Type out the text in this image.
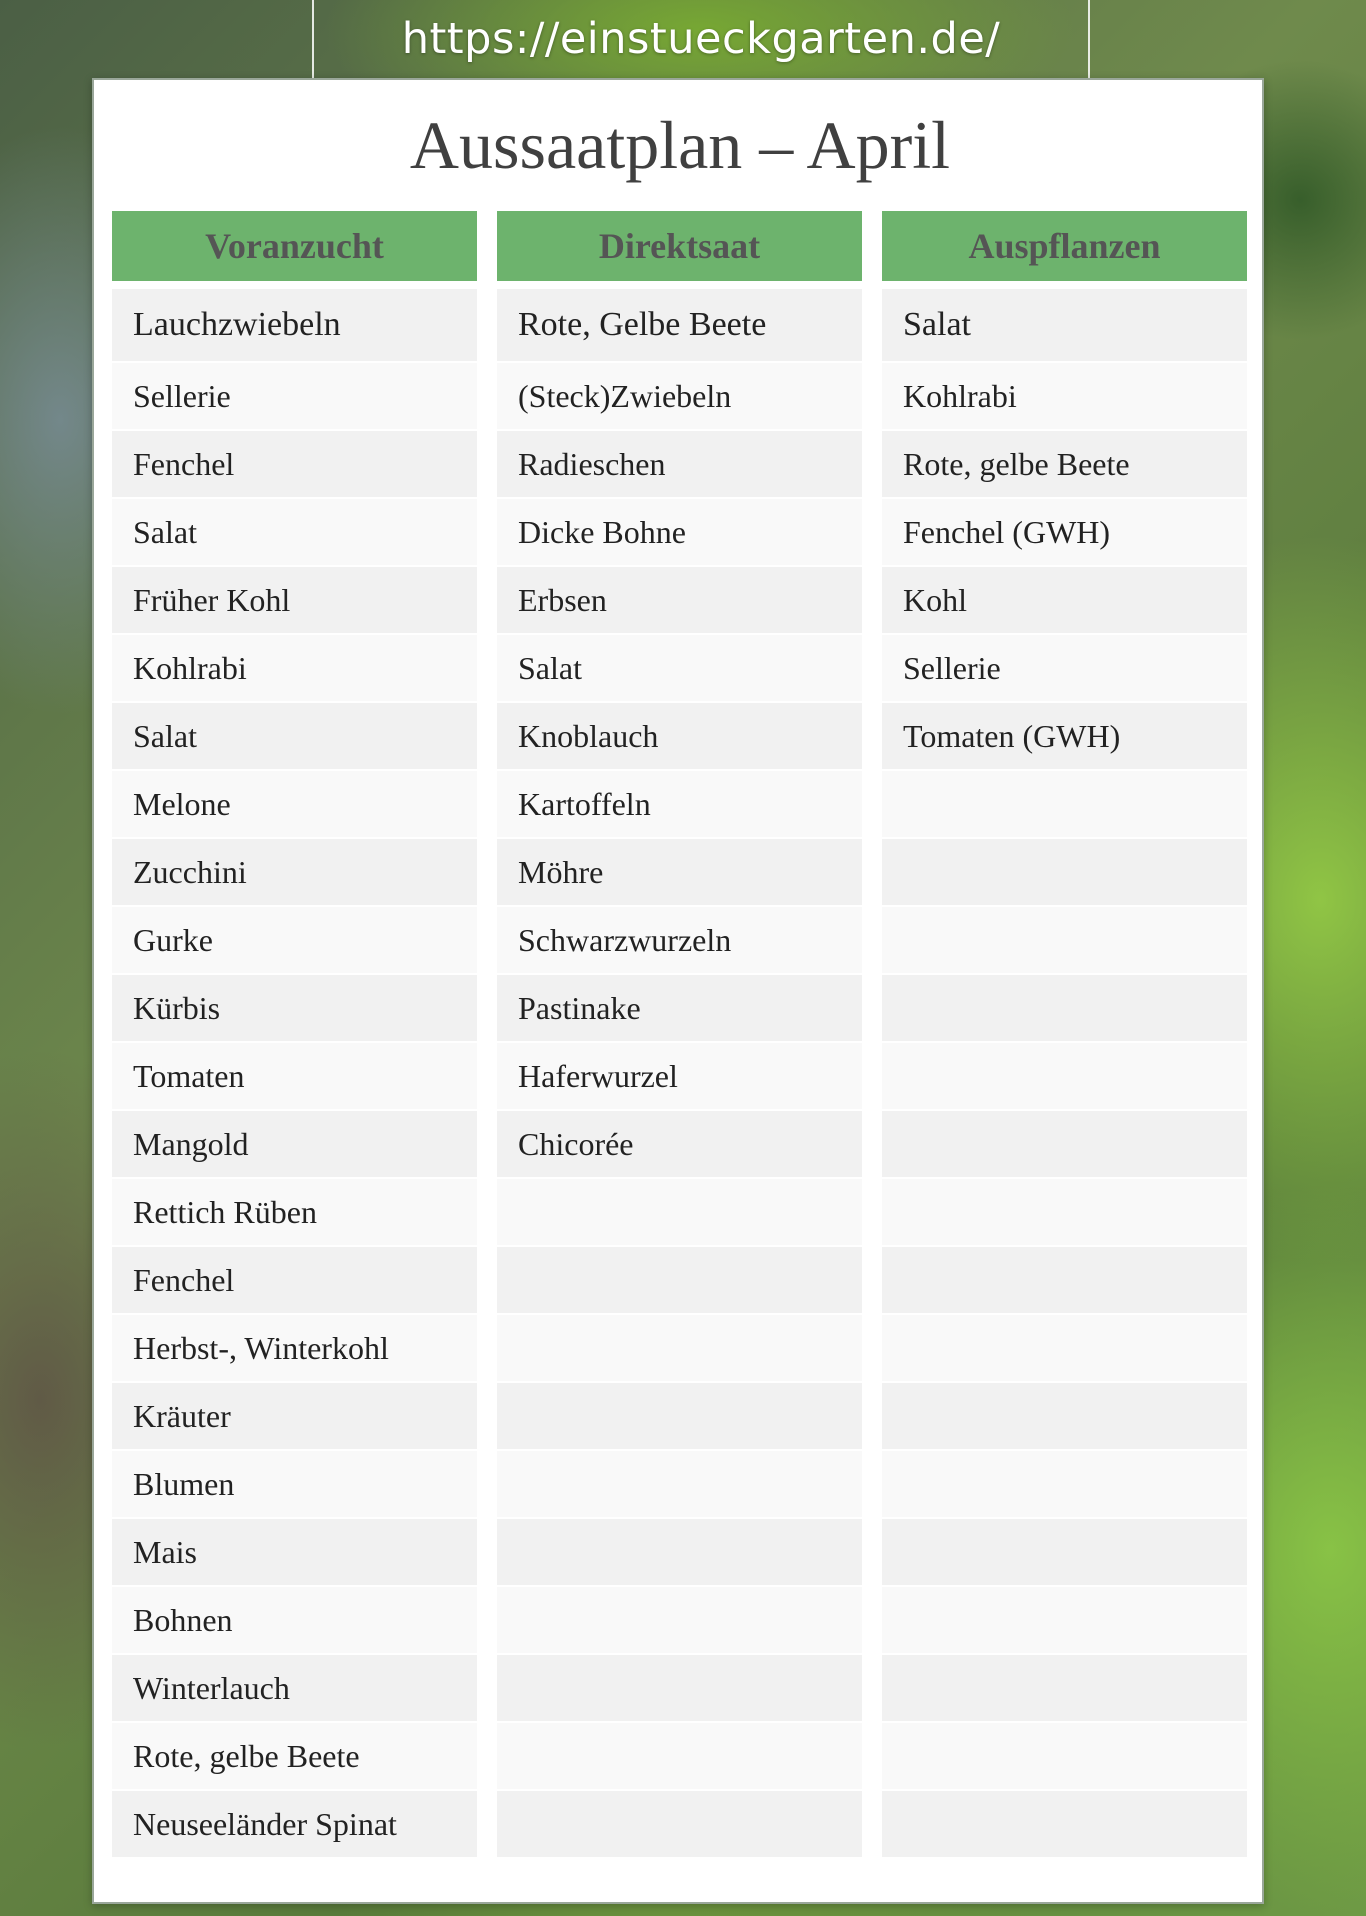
https://einstueckgarten.de/
Aussaatplan – April
Voranzucht
Lauchzwiebeln
Sellerie
Fenchel
Salat
Früher Kohl
Kohlrabi
Salat
Melone
Zucchini
Gurke
Kürbis
Tomaten
Mangold
Rettich Rüben
Fenchel
Herbst-, Winterkohl
Kräuter
Blumen
Mais
Bohnen
Winterlauch
Rote, gelbe Beete
Neuseeländer Spinat
Direktsaat
Rote, Gelbe Beete
(Steck)Zwiebeln
Radieschen
Dicke Bohne
Erbsen
Salat
Knoblauch
Kartoffeln
Möhre
Schwarzwurzeln
Pastinake
Haferwurzel
Chicorée
Auspflanzen
Salat
Kohlrabi
Rote, gelbe Beete
Fenchel (GWH)
Kohl
Sellerie
Tomaten (GWH)
